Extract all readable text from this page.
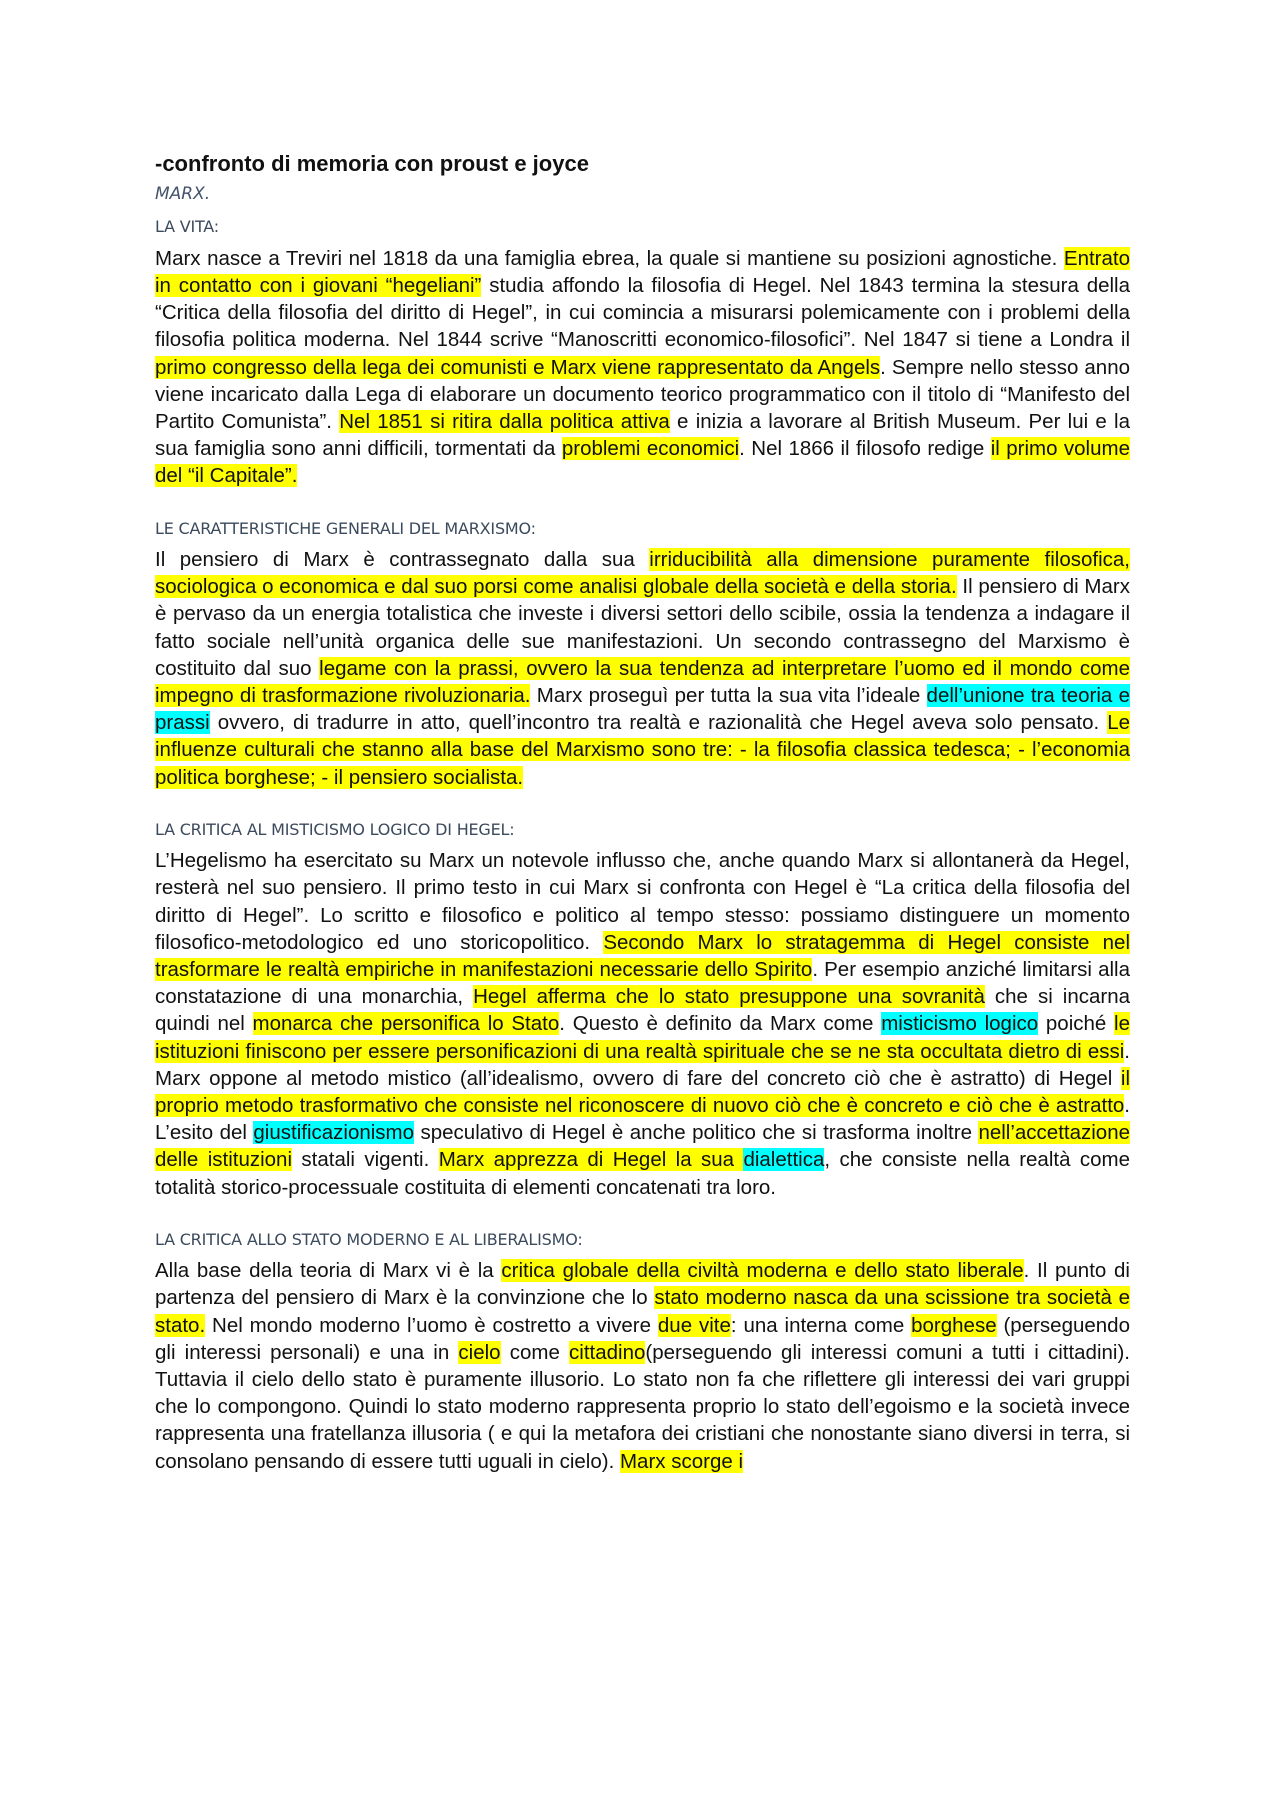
-confronto di memoria con proust e joyce
MARX.
LA VITA:

Marx nasce a Treviri nel 1818 da una famiglia ebrea, la quale si mantiene su posizioni agnostiche. Entrato in contatto con i giovani “hegeliani” studia affondo la filosofia di Hegel. Nel 1843 termina la stesura della “Critica della filosofia del diritto di Hegel”, in cui comincia a misurarsi polemicamente con i problemi della filosofia politica moderna. Nel 1844 scrive “Manoscritti economico-filosofici”. Nel 1847 si tiene a Londra il primo congresso della lega dei comunisti e Marx viene rappresentato da Angels. Sempre nello stesso anno viene incaricato dalla Lega di elaborare un documento teorico programmatico con il titolo di “Manifesto del Partito Comunista”. Nel 1851 si ritira dalla politica attiva e inizia a lavorare al British Museum. Per lui e la sua famiglia sono anni difficili, tormentati da problemi economici. Nel 1866 il filosofo redige il primo volume del “il Capitale”.

LE CARATTERISTICHE GENERALI DEL MARXISMO:

Il pensiero di Marx è contrassegnato dalla sua irriducibilità alla dimensione puramente filosofica, sociologica o economica e dal suo porsi come analisi globale della società e della storia. Il pensiero di Marx è pervaso da un energia totalistica che investe i diversi settori dello scibile, ossia la tendenza a indagare il fatto sociale nell’unità organica delle sue manifestazioni. Un secondo contrassegno del Marxismo è costituito dal suo legame con la prassi, ovvero la sua tendenza ad interpretare l’uomo ed il mondo come impegno di trasformazione rivoluzionaria. Marx proseguì per tutta la sua vita l’ideale dell’unione tra teoria e prassi ovvero, di tradurre in atto, quell’incontro tra realtà e razionalità che Hegel aveva solo pensato. Le influenze culturali che stanno alla base del Marxismo sono tre: - la filosofia classica tedesca; - l’economia politica borghese; - il pensiero socialista.

LA CRITICA AL MISTICISMO LOGICO DI HEGEL:

L’Hegelismo ha esercitato su Marx un notevole influsso che, anche quando Marx si allontanerà da Hegel, resterà nel suo pensiero. Il primo testo in cui Marx si confronta con Hegel è “La critica della filosofia del diritto di Hegel”. Lo scritto e filosofico e politico al tempo stesso: possiamo distinguere un momento filosofico-metodologico ed uno storicopolitico. Secondo Marx lo stratagemma di Hegel consiste nel trasformare le realtà empiriche in manifestazioni necessarie dello Spirito. Per esempio anziché limitarsi alla constatazione di una monarchia, Hegel afferma che lo stato presuppone una sovranità che si incarna quindi nel monarca che personifica lo Stato. Questo è definito da Marx come misticismo logico poiché le istituzioni finiscono per essere personificazioni di una realtà spirituale che se ne sta occultata dietro di essi. Marx oppone al metodo mistico (all’idealismo, ovvero di fare del concreto ciò che è astratto) di Hegel il proprio metodo trasformativo che consiste nel riconoscere di nuovo ciò che è concreto e ciò che è astratto. L’esito del giustificazionismo speculativo di Hegel è anche politico che si trasforma inoltre nell’accettazione delle istituzioni statali vigenti. Marx apprezza di Hegel la sua dialettica, che consiste nella realtà come totalità storico-processuale costituita di elementi concatenati tra loro.

LA CRITICA ALLO STATO MODERNO E AL LIBERALISMO:

Alla base della teoria di Marx vi è la critica globale della civiltà moderna e dello stato liberale. Il punto di partenza del pensiero di Marx è la convinzione che lo stato moderno nasca da una scissione tra società e stato. Nel mondo moderno l’uomo è costretto a vivere due vite: una interna come borghese (perseguendo gli interessi personali) e una in cielo come cittadino(perseguendo gli interessi comuni a tutti i cittadini). Tuttavia il cielo dello stato è puramente illusorio. Lo stato non fa che riflettere gli interessi dei vari gruppi che lo compongono. Quindi lo stato moderno rappresenta proprio lo stato dell’egoismo e la società invece rappresenta una fratellanza illusoria ( e qui la metafora dei cristiani che nonostante siano diversi in terra, si consolano pensando di essere tutti uguali in cielo). Marx scorge i
